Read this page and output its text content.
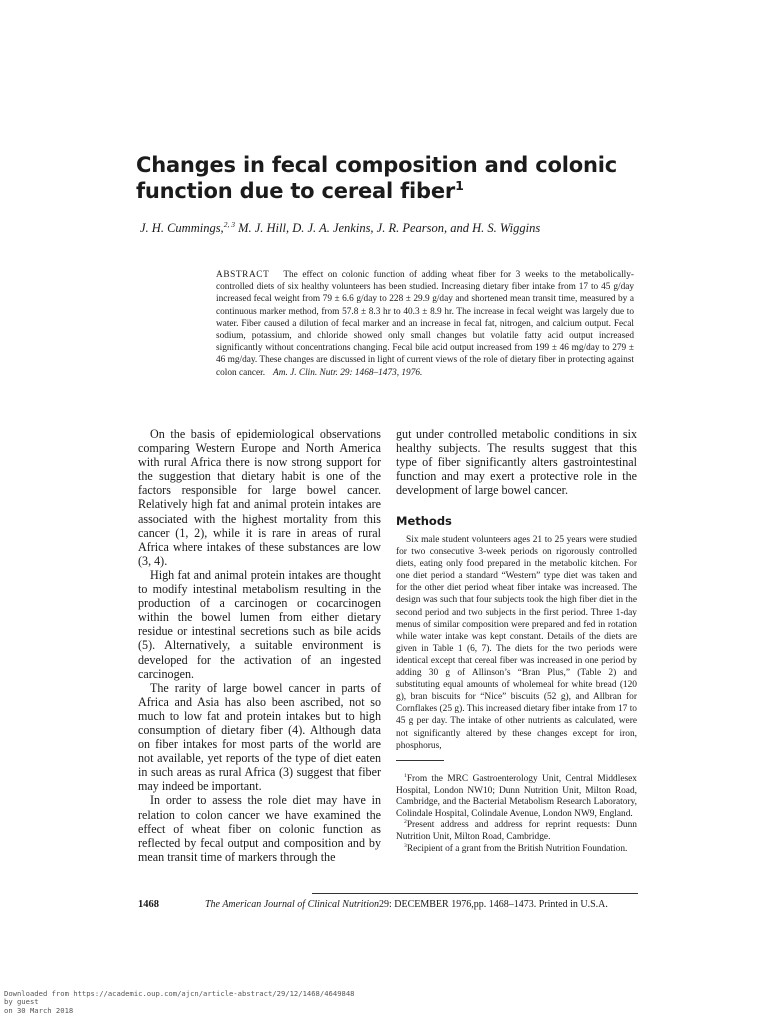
Changes in fecal composition and colonic
function due to cereal fiber$^1$
J. H. Cummings,$^{2, 3}$ M. J. Hill, D. J. A. Jenkins, J. R. Pearson, and H. S. Wiggins
ABSTRACT The effect on colonic function of adding wheat fiber for 3 weeks to the metabolically-controlled diets of six healthy volunteers has been studied. Increasing dietary fiber intake from 17 to 45 g/day increased fecal weight from 79 ± 6.6 g/day to 228 ± 29.9 g/day and shortened mean transit time, measured by a continuous marker method, from 57.8 ± 8.3 hr to 40.3 ± 8.9 hr. The increase in fecal weight was largely due to water. Fiber caused a dilution of fecal marker and an increase in fecal fat, nitrogen, and calcium output. Fecal sodium, potassium, and chloride showed only small changes but volatile fatty acid output increased significantly without concentrations changing. Fecal bile acid output increased from 199 ± 46 mg/day to 279 ± 46 mg/day. These changes are discussed in light of current views of the role of dietary fiber in protecting against colon cancer. Am. J. Clin. Nutr. 29: 1468–1473, 1976.

On the basis of epidemiological observations comparing Western Europe and North America with rural Africa there is now strong support for the suggestion that dietary habit is one of the factors responsible for large bowel cancer. Relatively high fat and animal protein intakes are associated with the highest mortality from this cancer (1, 2), while it is rare in areas of rural Africa where intakes of these substances are low (3, 4).

High fat and animal protein intakes are thought to modify intestinal metabolism resulting in the production of a carcinogen or cocarcinogen within the bowel lumen from either dietary residue or intestinal secretions such as bile acids (5). Alternatively, a suitable environment is developed for the activation of an ingested carcinogen.

The rarity of large bowel cancer in parts of Africa and Asia has also been ascribed, not so much to low fat and protein intakes but to high consumption of dietary fiber (4). Although data on fiber intakes for most parts of the world are not available, yet reports of the type of diet eaten in such areas as rural Africa (3) suggest that fiber may indeed be important.

In order to assess the role diet may have in relation to colon cancer we have examined the effect of wheat fiber on colonic function as reflected by fecal output and composition and by mean transit time of markers through the

gut under controlled metabolic conditions in six healthy subjects. The results suggest that this type of fiber significantly alters gastrointestinal function and may exert a protective role in the development of large bowel cancer.

Methods

Six male student volunteers ages 21 to 25 years were studied for two consecutive 3-week periods on rigorously controlled diets, eating only food prepared in the metabolic kitchen. For one diet period a standard “Western” type diet was taken and for the other diet period wheat fiber intake was increased. The design was such that four subjects took the high fiber diet in the second period and two subjects in the first period. Three 1-day menus of similar composition were prepared and fed in rotation while water intake was kept constant. Details of the diets are given in Table 1 (6, 7). The diets for the two periods were identical except that cereal fiber was increased in one period by adding 30 g of Allinson’s “Bran Plus,” (Table 2) and substituting equal amounts of wholemeal for white bread (120 g), bran biscuits for “Nice” biscuits (52 g), and Allbran for Cornflakes (25 g). This increased dietary fiber intake from 17 to 45 g per day. The intake of other nutrients as calculated, were not significantly altered by these changes except for iron, phosphorus,

$^1$From the MRC Gastroenterology Unit, Central Middlesex Hospital, London NW10; Dunn Nutrition Unit, Milton Road, Cambridge, and the Bacterial Metabolism Research Laboratory, Colindale Hospital, Colindale Avenue, London NW9, England.

$^2$Present address and address for reprint requests: Dunn Nutrition Unit, Milton Road, Cambridge.

$^3$Recipient of a grant from the British Nutrition Foundation.

1468	The American Journal of Clinical Nutrition29: DECEMBER 1976,pp. 1468–1473. Printed in U.S.A.
Downloaded from https://academic.oup.com/ajcn/article-abstract/29/12/1468/4649848
by guest
on 30 March 2018
